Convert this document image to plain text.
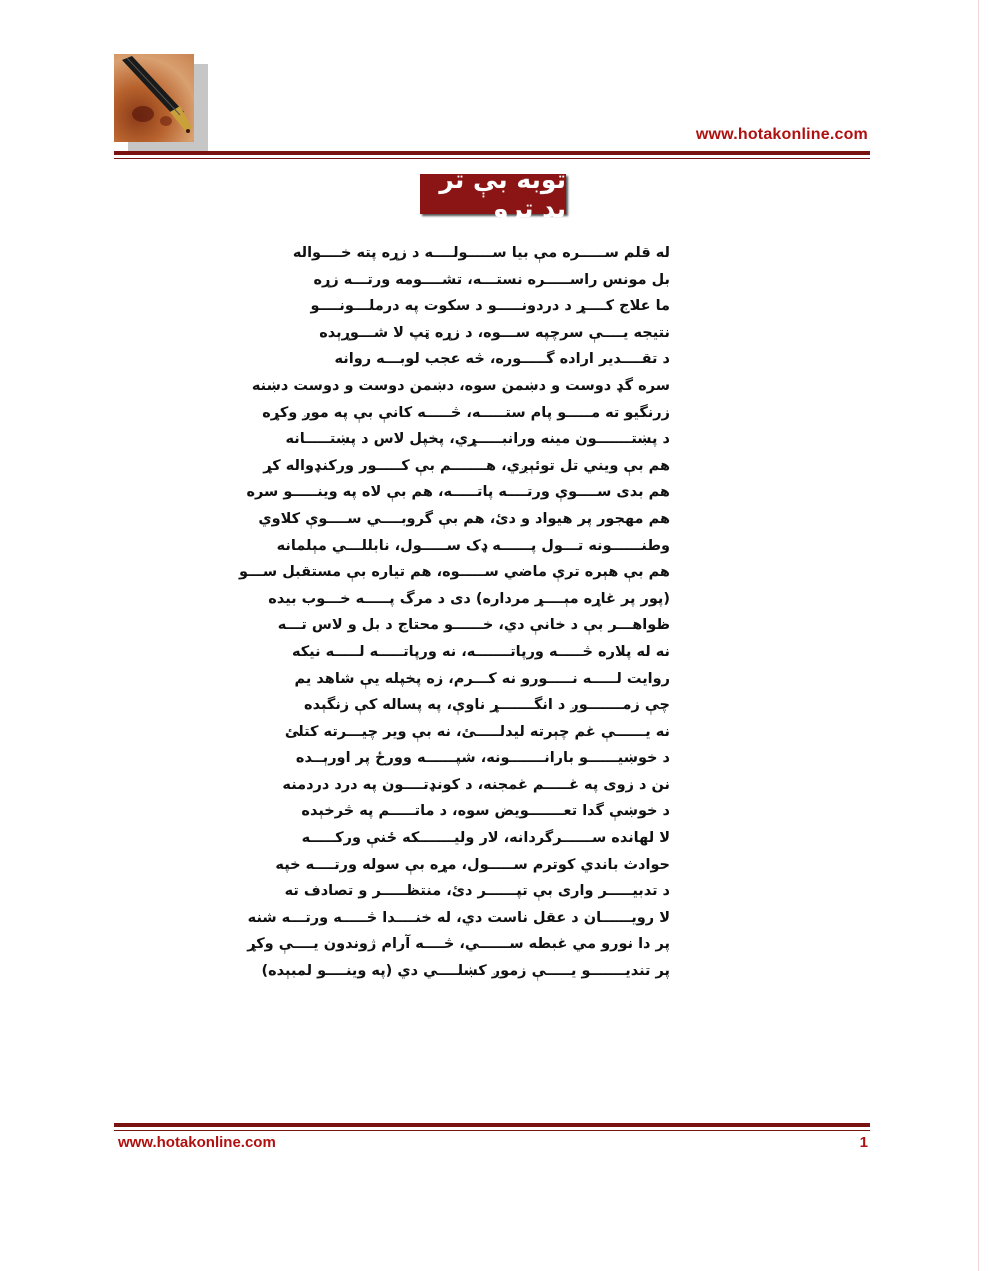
www.hotakonline.com
توبه بې تر بد ترو
له قلم ســـــره مې بیا ســـــولــــه د زړه پته خــــواله
بل مونس راســـــره نستـــه، تشــــومه ورتـــه زړه
ما علاج کــــړ د دردونـــــو د سکوت په درملـــونــــو
نتیجه یــــې سرچپه ســـوه، د زړه ټپ لا شـــوړېده
د تقــــدیر اراده گـــــوره، څه عجب لوبـــه روانه
سره گډ دوست و دښمن سوه، دښمن دوست و دوست دښنه
زرنگیو ته مـــــو پام ستـــــه، څـــــه کانې بې په موږ وکړه
د پښتـــــــون مینه ورانبـــــړي، پخپل لاس د پښتـــــانه
هم بې ویني تل توئېږي، هـــــــم بې کـــــور ورکنډواله کړ
هم بدی ســــوې ورتــــه پاتـــــه، هم بې لاه په وینـــــو سره
هم مهجور پر هیواد و دئ، هم بې گروبــــي ســــوې کلاوي
وطنــــــونه تـــول پــــــه ډک ســـــول، نابللـــي مېلمانه
هم بې هېره ترې ماضي ســـــوه، هم تیاره بې مستقبل ســـو
(پور پر غاړه مېــــړ مرداره) دی د مرگ پـــــه خـــوب بیده
ظواهـــر بې د خانې دي، خــــــو محتاج د بل و لاس تـــه
نه له پلاره څـــــه ورپاتـــــــه، نه ورپاتـــــه لـــــه نیکه
روایت لـــــه نـــــورو نه کـــرم، زه پخپله یې شاهد یم
چې زمـــــــوږ د انگـــــــړ ناوې، په پساله کې زنگېده
نه یــــــې غم چېرته لیدلـــــئ، نه بې ویر چیـــرته کتلئ
د خوښیــــــو بارانـــــــونه، شپــــــه وورځ پر اورېــده
نن د زوی په غـــــم غمجنه، د کونډتــــون په درد دردمنه
د خوښې گدا تعـــــــویض سوه، د ماتـــــم په څرخېده
لا لهانده ســــــرگردانه، لار ولیـــــــکه ځنې ورکـــــه
حوادث باندي کوترم ســـــول، مړه بې سوله ورتــــه خپه
د تدبیـــــر واری بې تپــــــر دئ، منتظـــــر و تصادف ته
لا رویــــــان د عقل ناست دي، له خنــــدا څـــــه ورتـــه شنه
پر دا نورو مي غبطه ســــــي، څــــه آرام ژوندون یــــې وکړ
پر تندیـــــــو یـــــې زموږ کښلــــي دي (په وینــــو لمبېده)
www.hotakonline.com	1
